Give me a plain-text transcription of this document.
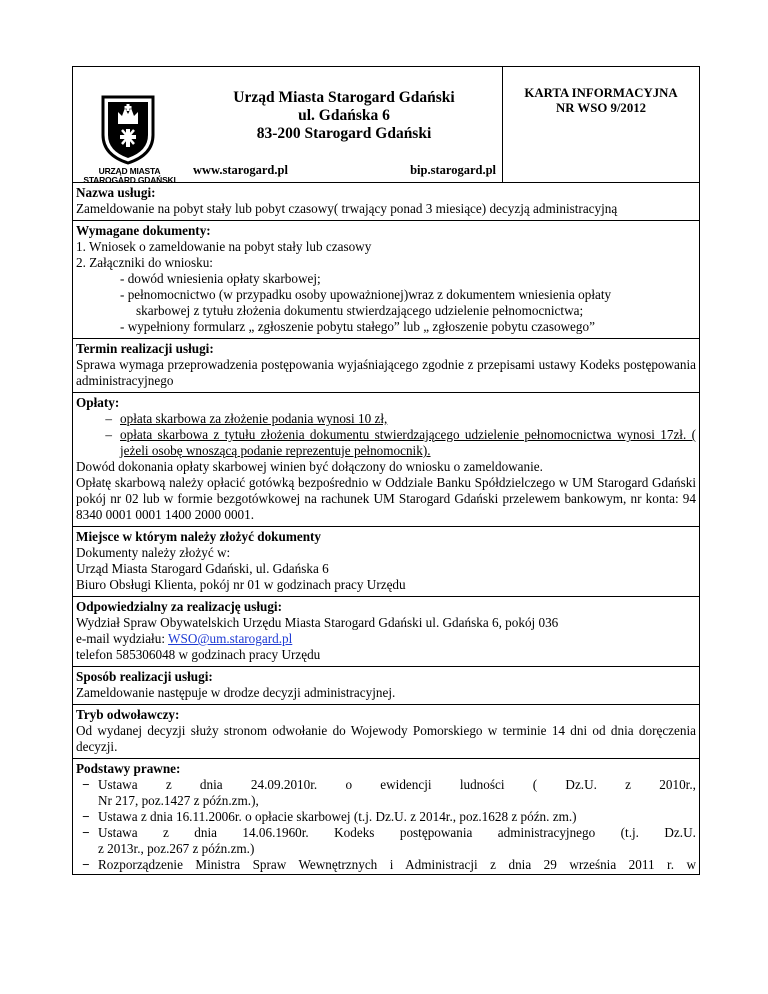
URZĄD MIASTA
STAROGARD GDAŃSKI
Urząd Miasta Starogard Gdański
ul. Gdańska 6
83-200 Starogard Gdański
www.starogard.pl	bip.starogard.pl
KARTA INFORMACYJNA
NR WSO 9/2012
Nazwa usługi:

Zameldowanie na pobyt stały lub pobyt czasowy( trwający ponad 3 miesiące) decyzją administracyjną

Wymagane dokumenty:

1. Wniosek o zameldowanie na pobyt stały lub czasowy

2. Załączniki do wniosku:

- dowód wniesienia opłaty skarbowej;

- pełnomocnictwo (w przypadku osoby upoważnionej)wraz z dokumentem wniesienia opłaty

skarbowej z tytułu złożenia dokumentu stwierdzającego udzielenie pełnomocnictwa;

- wypełniony formularz „ zgłoszenie pobytu stałego” lub „ zgłoszenie pobytu czasowego”

Termin realizacji usługi:

Sprawa wymaga przeprowadzenia postępowania wyjaśniającego zgodnie z przepisami ustawy Kodeks postępowania administracyjnego

Opłaty:
– opłata skarbowa za złożenie podania wynosi 10 zł,
– opłata skarbowa z tytułu złożenia dokumentu stwierdzającego udzielenie pełnomocnictwa wynosi 17zł. ( jeżeli osobę wnoszącą podanie reprezentuje pełnomocnik).

Dowód dokonania opłaty skarbowej winien być dołączony do wniosku o zameldowanie.

Opłatę skarbową należy opłacić gotówką bezpośrednio w Oddziale Banku Spółdzielczego w UM Starogard Gdański pokój nr 02 lub w formie bezgotówkowej na rachunek UM Starogard Gdański przelewem bankowym, nr konta: 94 8340 0001 0001 1400 2000 0001.

Miejsce w którym należy złożyć dokumenty

Dokumenty należy złożyć w:

Urząd Miasta Starogard Gdański, ul. Gdańska 6

Biuro Obsługi Klienta, pokój nr 01 w godzinach pracy Urzędu

Odpowiedzialny za realizację usługi:

Wydział Spraw Obywatelskich Urzędu Miasta Starogard Gdański ul. Gdańska 6, pokój 036

e-mail wydziału: WSO@um.starogard.pl

telefon 585306048 w godzinach pracy Urzędu

Sposób realizacji usługi:

Zameldowanie następuje w drodze decyzji administracyjnej.

Tryb odwoławczy:

Od wydanej decyzji służy stronom odwołanie do Wojewody Pomorskiego w terminie 14 dni od dnia doręczenia decyzji.

Podstawy prawne:
− Ustawa z dnia 24.09.2010r. o ewidencji ludności ( Dz.U. z 2010r.,
Nr 217, poz.1427 z późn.zm.),
− Ustawa z dnia 16.11.2006r. o opłacie skarbowej (t.j. Dz.U. z 2014r., poz.1628 z późn. zm.)
− Ustawa z dnia 14.06.1960r. Kodeks postępowania administracyjnego (t.j. Dz.U.
z 2013r., poz.267 z późn.zm.)
− Rozporządzenie Ministra Spraw Wewnętrznych i Administracji z dnia 29 września 2011 r. w
